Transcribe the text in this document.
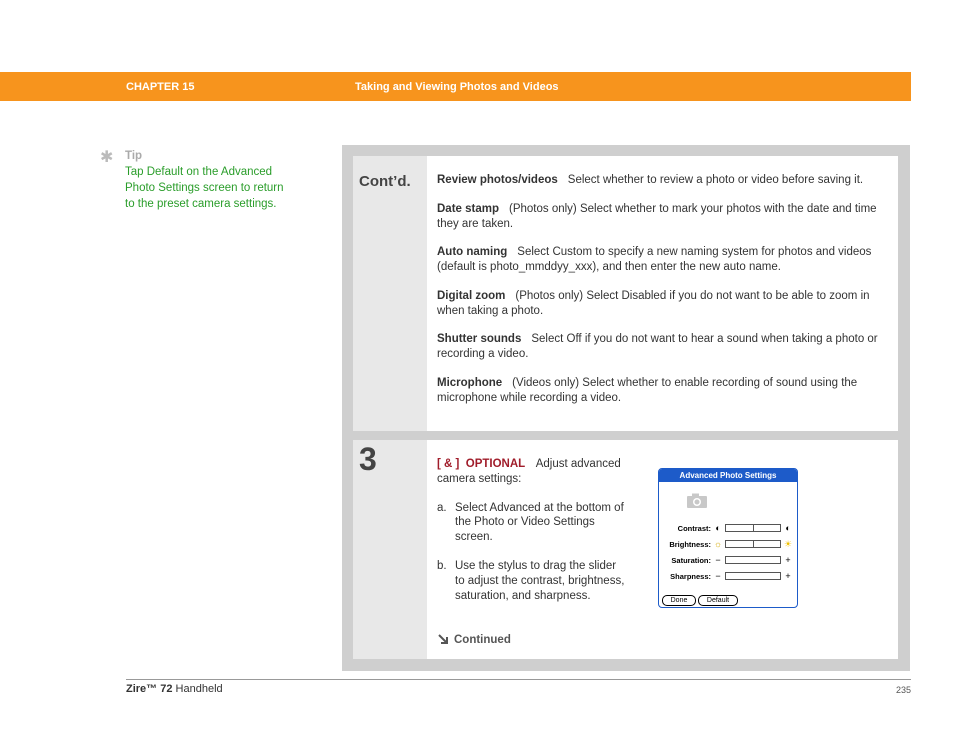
CHAPTER 15	Taking and Viewing Photos and Videos
✱ Tip
Tap Default on the Advanced Photo Settings screen to return to the preset camera settings.
Cont’d. Review photos/videos Select whether to review a photo or video before saving it.
Date stamp (Photos only) Select whether to mark your photos with the date and time they are taken.
Auto naming Select Custom to specify a new naming system for photos and videos (default is photo_mmddyy_xxx), and then enter the new auto name.
Digital zoom (Photos only) Select Disabled if you do not want to be able to zoom in when taking a photo.
Shutter sounds Select Off if you do not want to hear a sound when taking a photo or recording a video.
Microphone (Videos only) Select whether to enable recording of sound using the microphone while recording a video.
3	[ & ] OPTIONAL Adjust advanced camera settings:
a. Select Advanced at the bottom of the Photo or Video Settings screen.
b. Use the stylus to drag the slider to adjust the contrast, brightness, saturation, and sharpness.
Continued
Advanced Photo Settings
Contrast: ◐	◐
Brightness: ☼	☀
Saturation: −	+
Sharpness: −	+
Done	Default
Zire™ 72 Handheld	235
